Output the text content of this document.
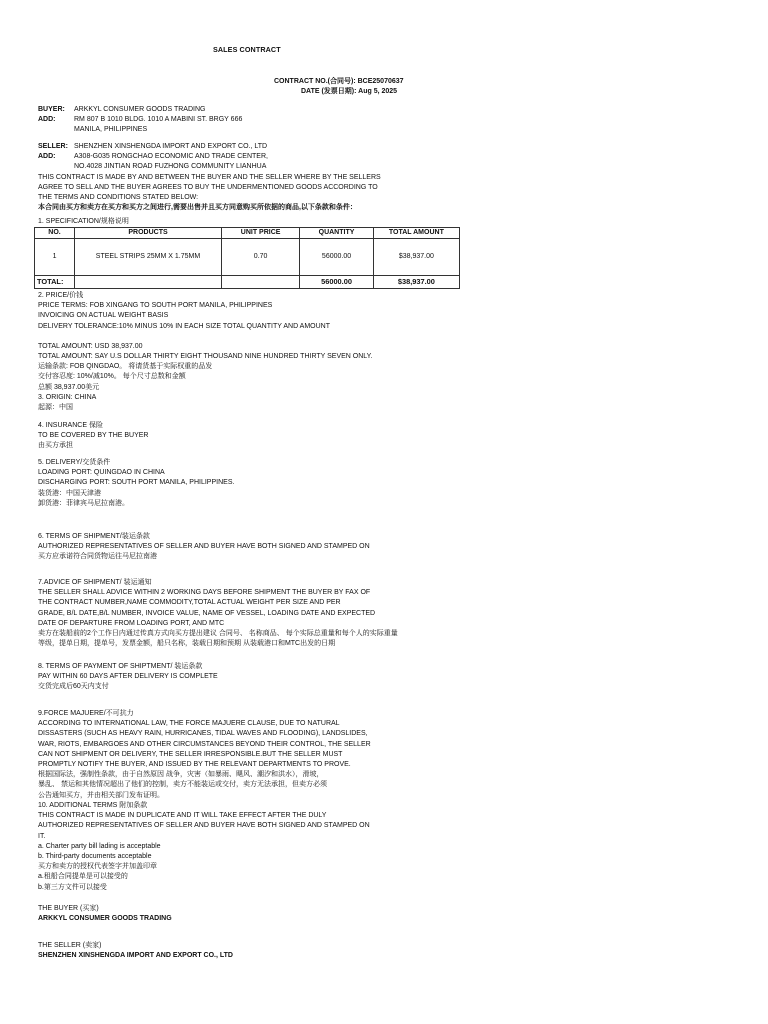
SALES CONTRACT
CONTRACT NO.(合同号): BCE25070637
DATE (发票日期): Aug 5, 2025
BUYER:	ARKKYL CONSUMER GOODS TRADING
ADD:	RM 807 B 1010 BLDG. 1010 A MABINI ST. BRGY 666
MANILA, PHILIPPINES
SELLER: SHENZHEN XINSHENGDA IMPORT AND EXPORT CO., LTD
ADD:	A308-G035 RONGCHAO ECONOMIC AND TRADE CENTER,
NO.4028 JINTIAN ROAD FUZHONG COMMUNITY LIANHUA
THIS CONTRACT IS MADE BY AND BETWEEN THE BUYER AND THE SELLER WHERE BY THE SELLERS
AGREE TO SELL AND THE BUYER AGREES TO BUY THE UNDERMENTIONED GOODS ACCORDING TO
THE TERMS AND CONDITIONS STATED BELOW:
本合同由买方和卖方在买方和买方之间进行,需要出售并且买方同意购买所依据的商品,以下条款和条件：
1. SPECIFICATION/规格说明
NO.	PRODUCTS	UNIT PRICE	QUANTITY	TOTAL AMOUNT
1	STEEL STRIPS 25MM X 1.75MM	0.70	56000.00	$38,937.00
TOTAL:			56000.00	$38,937.00
2. PRICE/价钱
PRICE TERMS: FOB XINGANG TO SOUTH PORT MANILA, PHILIPPINES
INVOICING ON ACTUAL WEIGHT BASIS
DELIVERY TOLERANCE:10% MINUS 10% IN EACH SIZE TOTAL QUANTITY AND AMOUNT
TOTAL AMOUNT: USD 38,937.00
TOTAL AMOUNT: SAY U.S DOLLAR THIRTY EIGHT THOUSAND NINE HUNDRED THIRTY SEVEN ONLY.
运输条款: FOB QINGDAO。 将请货基于实际权重的品发
交付容忍度: 10%/减10%。 每个尺寸总数和金额
总额 38,937.00美元
3. ORIGIN: CHINA
起源：中国
4. INSURANCE 保险
TO BE COVERED BY THE BUYER
由买方承担
5. DELIVERY/交货条件
LOADING PORT: QUINGDAO IN CHINA
DISCHARGING PORT: SOUTH PORT MANILA, PHILIPPINES.
装货港：中国天津港
卸货港：菲律宾马尼拉南港。
6. TERMS OF SHIPMENT/装运条款
AUTHORIZED REPRESENTATIVES OF SELLER AND BUYER HAVE BOTH SIGNED AND STAMPED ON
买方应承诺符合同货物运往马尼拉南港
7.ADVICE OF SHIPMENT/ 装运通知
THE SELLER SHALL ADVICE WITHIN 2 WORKING DAYS BEFORE SHIPMENT THE BUYER BY FAX OF
THE CONTRACT NUMBER,NAME COMMODITY,TOTAL ACTUAL WEIGHT PER SIZE AND PER
GRADE, B/L DATE,B/L NUMBER, INVOICE VALUE, NAME OF VESSEL, LOADING DATE AND EXPECTED
DATE OF DEPARTURE FROM LOADING PORT, AND MTC
卖方在装船前的2个工作日内通过传真方式向买方提出建议 合同号、 名称商品、 每个实际总重量和每个人的实际重量
等级，提单日期，提单号，发票金额，船只名称，装载日期和预期 从装载港口和MTC出发的日期
8. TERMS OF PAYMENT OF SHIPTMENT/ 装运条款
PAY WITHIN 60 DAYS AFTER DELIVERY IS COMPLETE
交货完成后60天内支付
9.FORCE MAJUERE/不可抗力
ACCORDING TO INTERNATIONAL LAW, THE FORCE MAJUERE CLAUSE, DUE TO NATURAL
DISSASTERS (SUCH AS HEAVY RAIN, HURRICANES, TIDAL WAVES AND FLOODING), LANDSLIDES,
WAR, RIOTS, EMBARGOES AND OTHER CIRCUMSTANCES BEYOND THEIR CONTROL, THE SELLER
CAN NOT SHIPMENT OR DELIVERY, THE SELLER IRRESPONSIBLE.BUT THE SELLER MUST
PROMPTLY NOTIFY THE BUYER, AND ISSUED BY THE RELEVANT DEPARTMENTS TO PROVE.
根据国际法，强制性条款，由于自然原因 战争，灾害（如暴雨、飓风、潮汐和洪水），滑坡，
暴乱、 禁运和其他情况超出了他们的控制，卖方不能装运或交付，卖方无法承担，但卖方必须
公告通知买方，并由相关部门发布证明。
10. ADDITIONAL TERMS 附加条款
THIS CONTRACT IS MADE IN DUPLICATE AND IT WILL TAKE EFFECT AFTER THE DULY
AUTHORIZED REPRESENTATIVES OF SELLER AND BUYER HAVE BOTH SIGNED AND STAMPED ON
IT.
a. Charter party bill lading is acceptable
b. Third-party documents acceptable
买方和卖方的授权代表签字并加盖印章
a.租船合同提单是可以接受的
b.第三方文件可以接受
THE BUYER (买家)
ARKKYL CONSUMER GOODS TRADING
THE SELLER (卖家)
SHENZHEN XINSHENGDA IMPORT AND EXPORT CO., LTD
